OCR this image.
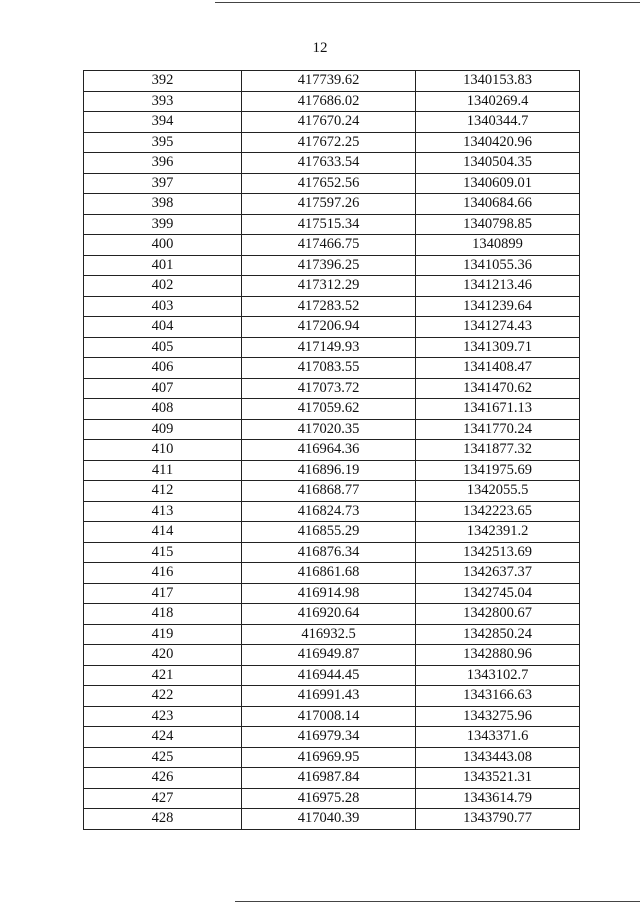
12
392	417739.62	1340153.83
393	417686.02	1340269.4
394	417670.24	1340344.7
395	417672.25	1340420.96
396	417633.54	1340504.35
397	417652.56	1340609.01
398	417597.26	1340684.66
399	417515.34	1340798.85
400	417466.75	1340899
401	417396.25	1341055.36
402	417312.29	1341213.46
403	417283.52	1341239.64
404	417206.94	1341274.43
405	417149.93	1341309.71
406	417083.55	1341408.47
407	417073.72	1341470.62
408	417059.62	1341671.13
409	417020.35	1341770.24
410	416964.36	1341877.32
411	416896.19	1341975.69
412	416868.77	1342055.5
413	416824.73	1342223.65
414	416855.29	1342391.2
415	416876.34	1342513.69
416	416861.68	1342637.37
417	416914.98	1342745.04
418	416920.64	1342800.67
419	416932.5	1342850.24
420	416949.87	1342880.96
421	416944.45	1343102.7
422	416991.43	1343166.63
423	417008.14	1343275.96
424	416979.34	1343371.6
425	416969.95	1343443.08
426	416987.84	1343521.31
427	416975.28	1343614.79
428	417040.39	1343790.77
